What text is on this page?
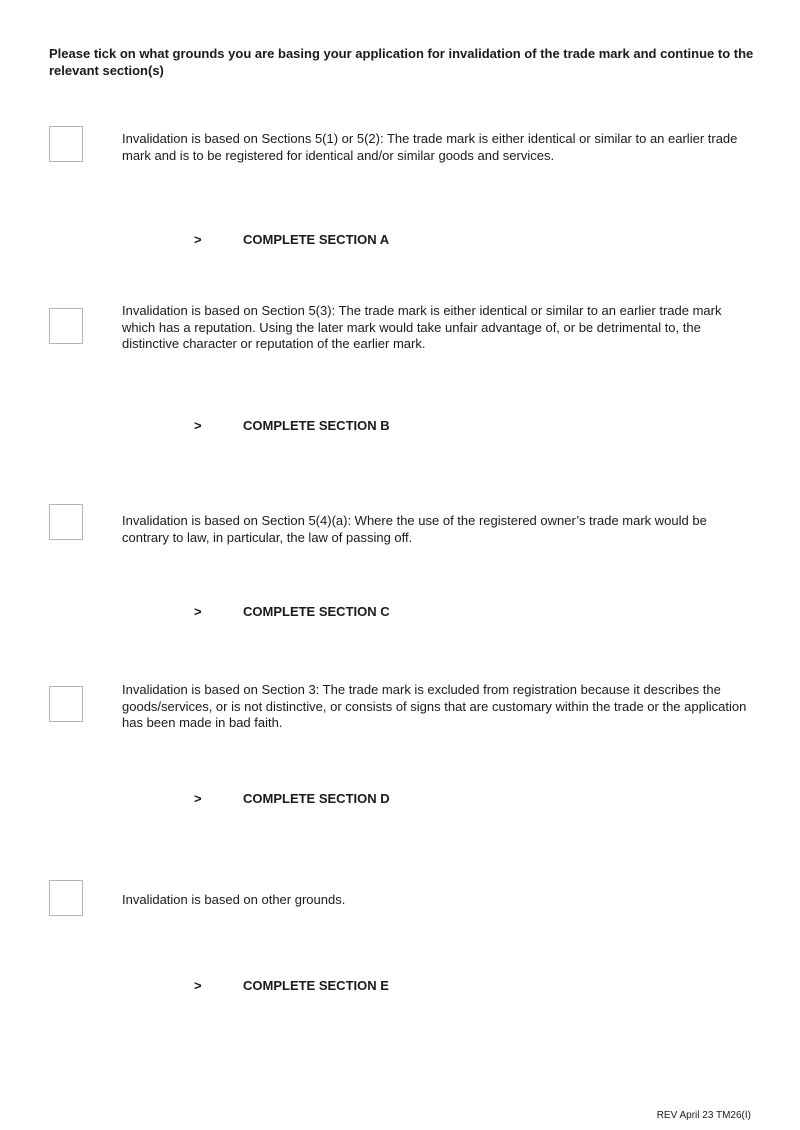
Please tick on what grounds you are basing your application for invalidation of the trade mark and continue to the relevant section(s)

Invalidation is based on Sections 5(1) or 5(2): The trade mark is either identical or similar to an earlier trade mark and is to be registered for identical and/or similar goods and services.

>	COMPLETE SECTION A

Invalidation is based on Section 5(3): The trade mark is either identical or similar to an earlier trade mark which has a reputation. Using the later mark would take unfair advantage of, or be detrimental to, the distinctive character or reputation of the earlier mark.

>	COMPLETE SECTION B

Invalidation is based on Section 5(4)(a): Where the use of the registered owner’s trade mark would be contrary to law, in particular, the law of passing off.

>	COMPLETE SECTION C

Invalidation is based on Section 3: The trade mark is excluded from registration because it describes the goods/services, or is not distinctive, or consists of signs that are customary within the trade or the application has been made in bad faith.

>	COMPLETE SECTION D

Invalidation is based on other grounds.

>	COMPLETE SECTION E
REV April 23 TM26(I)
